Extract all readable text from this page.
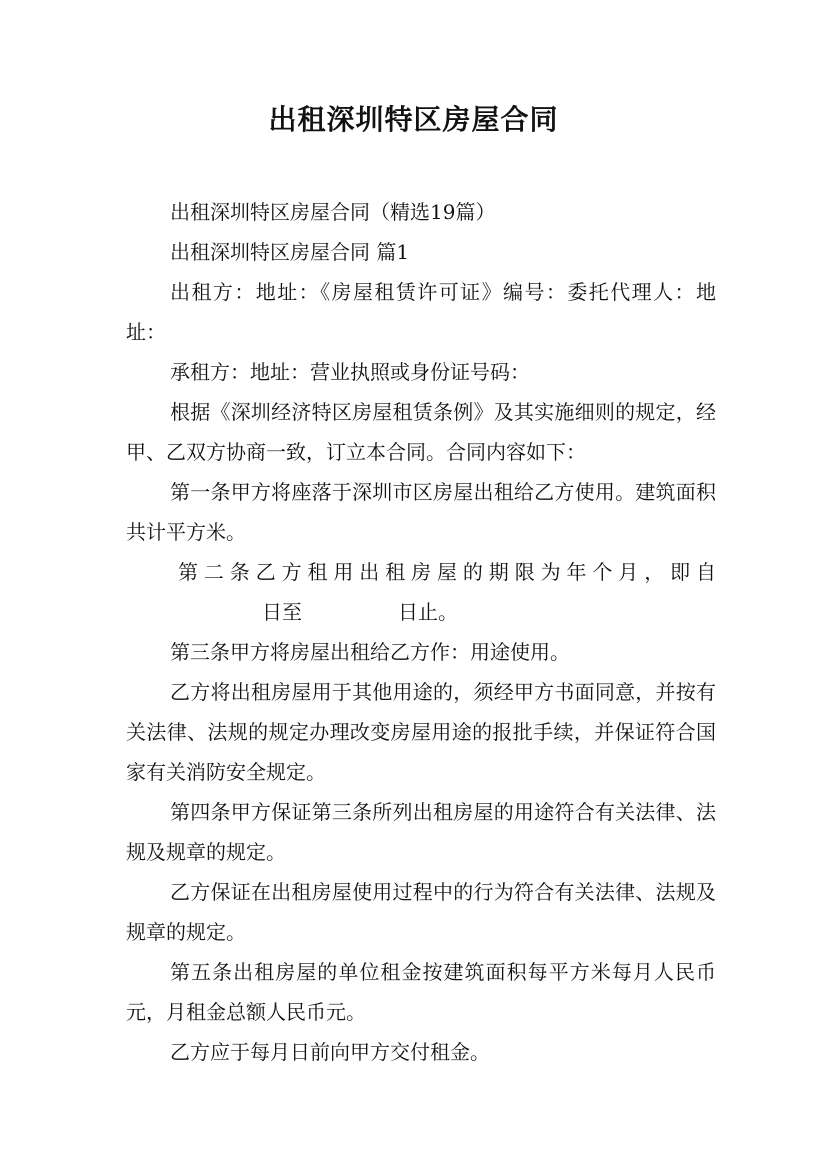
出租深圳特区房屋合同

出租深圳特区房屋合同（精选19篇）

出租深圳特区房屋合同 篇1

出租方：地址：《房屋租赁许可证》编号：委托代理人：地址：

承租方：地址：营业执照或身份证号码：

根据《深圳经济特区房屋租赁条例》及其实施细则的规定，经甲、乙双方协商一致，订立本合同。合同内容如下：

第一条甲方将座落于深圳市区房屋出租给乙方使用。建筑面积共计平方米。

第二条乙方租用出租房屋的期限为年个月，即自

日至	日止。

第三条甲方将房屋出租给乙方作：用途使用。

乙方将出租房屋用于其他用途的，须经甲方书面同意，并按有关法律、法规的规定办理改变房屋用途的报批手续，并保证符合国家有关消防安全规定。

第四条甲方保证第三条所列出租房屋的用途符合有关法律、法规及规章的规定。

乙方保证在出租房屋使用过程中的行为符合有关法律、法规及规章的规定。

第五条出租房屋的单位租金按建筑面积每平方米每月人民币元，月租金总额人民币元。

乙方应于每月日前向甲方交付租金。
